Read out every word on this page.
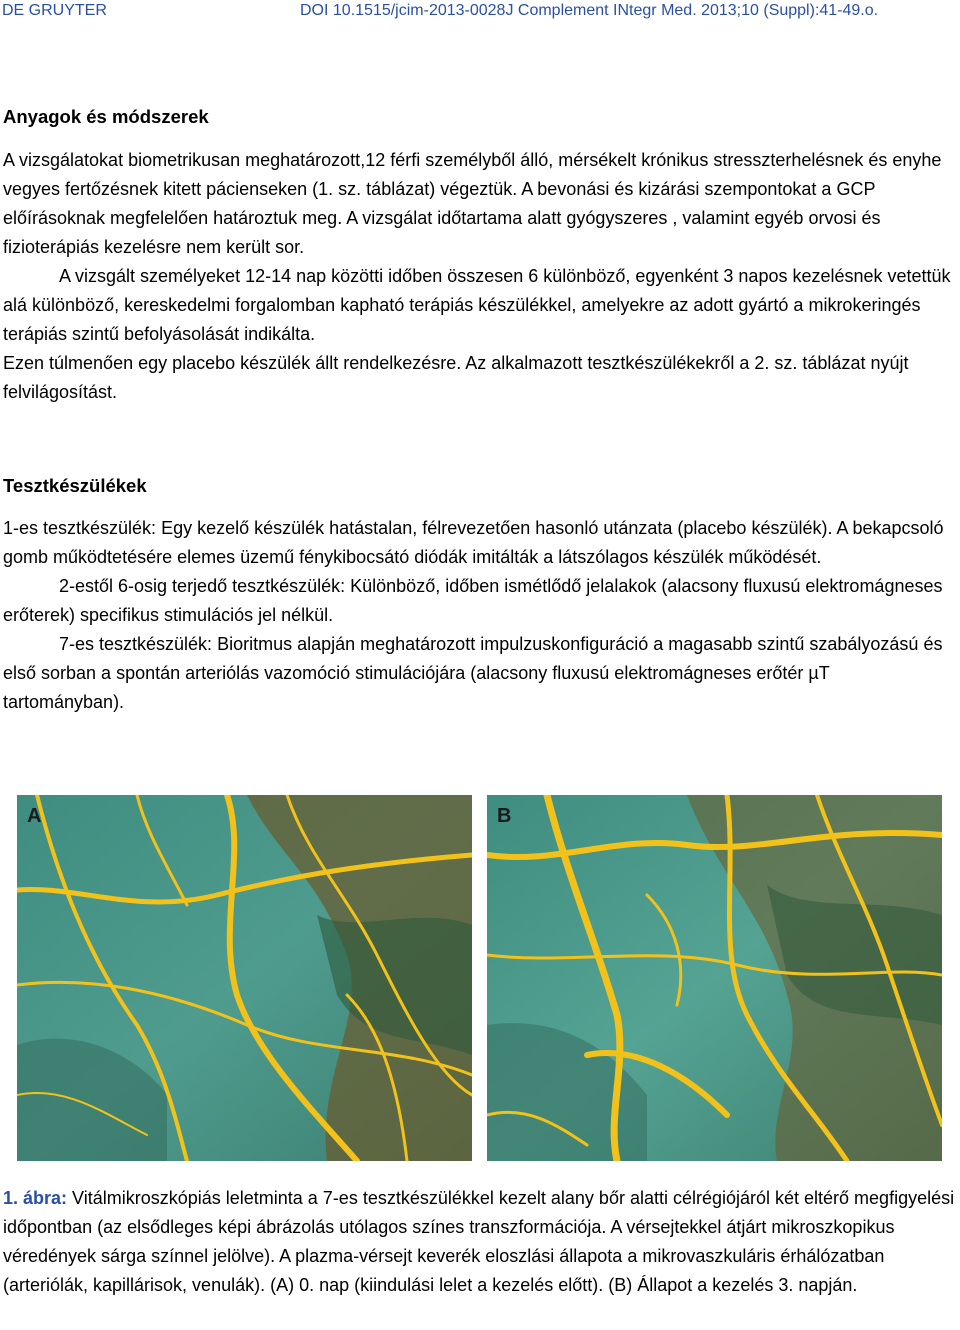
DE GRUYTER	DOI 10.1515/jcim-2013-0028J Complement INtegr Med. 2013;10 (Suppl):41-49.o.
Anyagok és módszerek

A vizsgálatokat biometrikusan meghatározott,12 férfi személyből álló, mérsékelt krónikus stresszterhelésnek és enyhe vegyes fertőzésnek kitett pácienseken (1. sz. táblázat) végeztük. A bevonási és kizárási szempontokat a GCP előírásoknak megfelelően határoztuk meg. A vizsgálat időtartama alatt gyógyszeres , valamint egyéb orvosi és fizioterápiás kezelésre nem került sor.

A vizsgált személyeket 12-14 nap közötti időben összesen 6 különböző, egyenként 3 napos kezelésnek vetettük alá különböző, kereskedelmi forgalomban kapható terápiás készülékkel, amelyekre az adott gyártó a mikrokeringés terápiás szintű befolyásolását indikálta.

Ezen túlmenően egy placebo készülék állt rendelkezésre. Az alkalmazott tesztkészülékekről a 2. sz. táblázat nyújt felvilágosítást.

Tesztkészülékek

1-es tesztkészülék: Egy kezelő készülék hatástalan, félrevezetően hasonló utánzata (placebo készülék). A bekapcsoló gomb működtetésére elemes üzemű fénykibocsátó diódák imitálták a látszólagos készülék működését.

2-estől 6-osig terjedő tesztkészülék: Különböző, időben ismétlődő jelalakok (alacsony fluxusú elektromágneses erőterek) specifikus stimulációs jel nélkül.

7-es tesztkészülék: Bioritmus alapján meghatározott impulzuskonfiguráció a magasabb szintű szabályozású és első sorban a spontán arteriólás vazomóció stimulációjára (alacsony fluxusú elektromágneses erőtér µT tartományban).

A	B
1. ábra: Vitálmikroszkópiás leletminta a 7-es tesztkészülékkel kezelt alany bőr alatti célrégiójáról két eltérő megfigyelési időpontban (az elsődleges képi ábrázolás utólagos színes transzformációja. A vérsejtekkel átjárt mikroszkopikus véredények sárga színnel jelölve). A plazma-vérsejt keverék eloszlási állapota a mikrovaszkuláris érhálózatban (arteriólák, kapillárisok, venulák). (A) 0. nap (kiindulási lelet a kezelés előtt). (B) Állapot a kezelés 3. napján.
